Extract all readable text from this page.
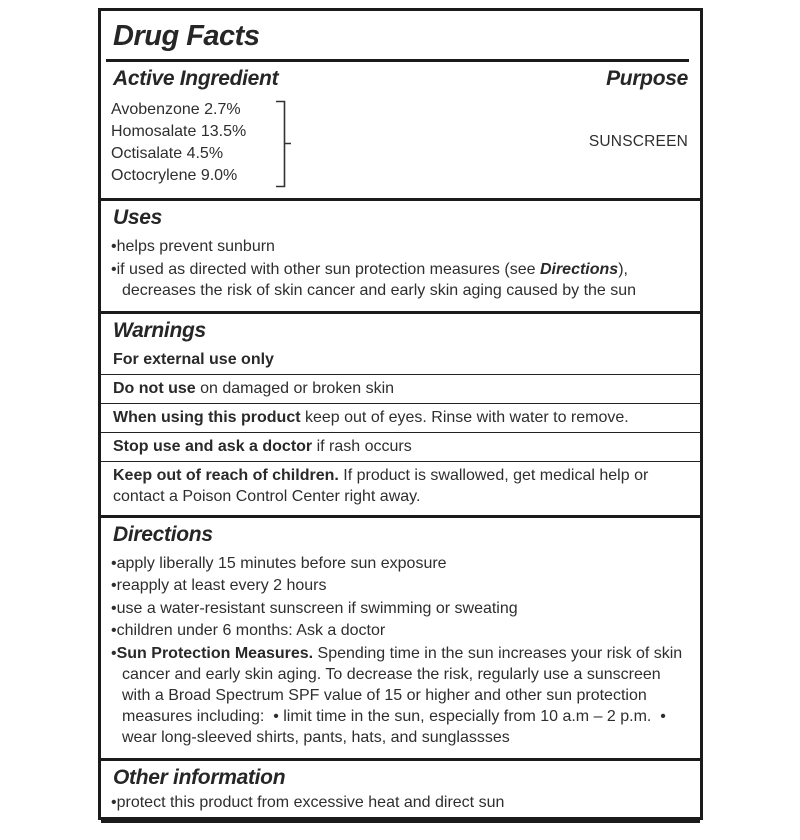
Drug Facts
Active Ingredient	Purpose
Avobenzone 2.7%
Homosalate 13.5%
Octisalate 4.5%
Octocrylene 9.0%
SUNSCREEN
Uses
• helps prevent sunburn
• if used as directed with other sun protection measures (see Directions), decreases the risk of skin cancer and early skin aging caused by the sun
Warnings
For external use only
Do not use on damaged or broken skin
When using this product keep out of eyes. Rinse with water to remove.
Stop use and ask a doctor if rash occurs
Keep out of reach of children. If product is swallowed, get medical help or contact a Poison Control Center right away.
Directions
• apply liberally 15 minutes before sun exposure
• reapply at least every 2 hours
• use a water-resistant sunscreen if swimming or sweating
• children under 6 months: Ask a doctor
• Sun Protection Measures. Spending time in the sun increases your risk of skin cancer and early skin aging. To decrease the risk, regularly use a sunscreen with a Broad Spectrum SPF value of 15 or higher and other sun protection measures including:  • limit time in the sun, especially from 10 a.m – 2 p.m.  • wear long-sleeved shirts, pants, hats, and sunglassses
Other information
• protect this product from excessive heat and direct sun
